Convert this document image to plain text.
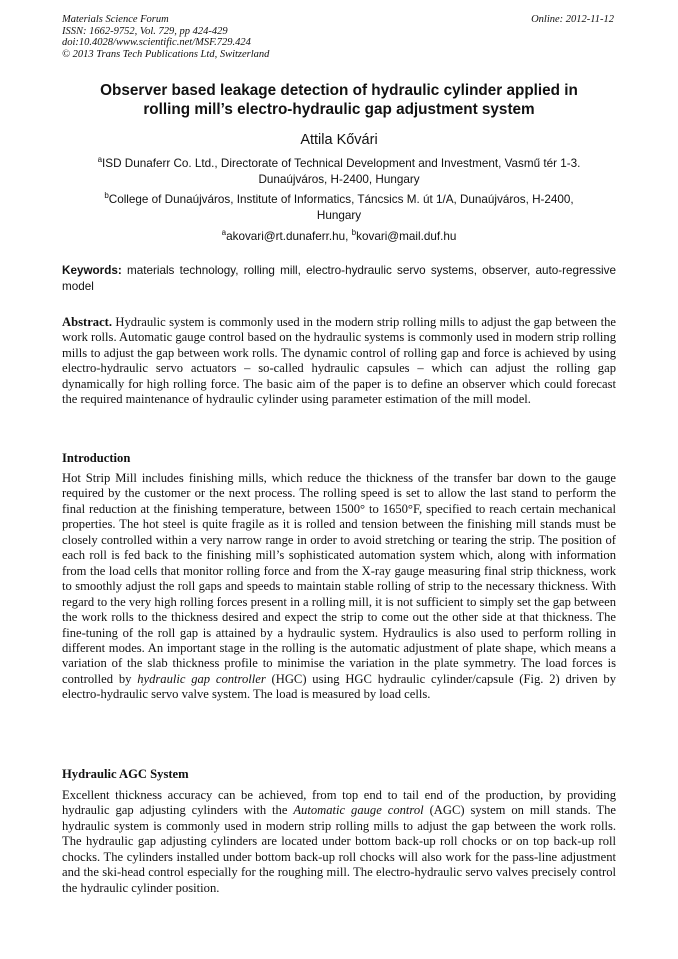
Materials Science Forum
ISSN: 1662-9752, Vol. 729, pp 424-429
doi:10.4028/www.scientific.net/MSF.729.424
© 2013 Trans Tech Publications Ltd, Switzerland
Online: 2012-11-12
Observer based leakage detection of hydraulic cylinder applied in
rolling mill’s electro-hydraulic gap adjustment system
Attila Kővári
$^a$ISD Dunaferr Co. Ltd., Directorate of Technical Development and Investment, Vasmű tér 1-3.
Dunaújváros, H-2400, Hungary
$^b$College of Dunaújváros, Institute of Informatics, Táncsics M. út 1/A, Dunaújváros, H-2400,
Hungary
$^a$akovari@rt.dunaferr.hu, $^b$kovari@mail.duf.hu
Keywords: materials technology, rolling mill, electro-hydraulic servo systems, observer, auto-regressive model

Abstract. Hydraulic system is commonly used in the modern strip rolling mills to adjust the gap between the work rolls. Automatic gauge control based on the hydraulic systems is commonly used in modern strip rolling mills to adjust the gap between work rolls. The dynamic control of rolling gap and force is achieved by using electro-hydraulic servo actuators – so-called hydraulic capsules – which can adjust the rolling gap dynamically for high rolling force. The basic aim of the paper is to define an observer which could forecast the required maintenance of hydraulic cylinder using parameter estimation of the mill model.

Introduction

Hot Strip Mill includes finishing mills, which reduce the thickness of the transfer bar down to the gauge required by the customer or the next process. The rolling speed is set to allow the last stand to perform the final reduction at the finishing temperature, between 1500° to 1650°F, specified to reach certain mechanical properties. The hot steel is quite fragile as it is rolled and tension between the finishing mill stands must be closely controlled within a very narrow range in order to avoid stretching or tearing the strip. The position of each roll is fed back to the finishing mill’s sophisticated automation system which, along with information from the load cells that monitor rolling force and from the X-ray gauge measuring final strip thickness, work to smoothly adjust the roll gaps and speeds to maintain stable rolling of strip to the necessary thickness. With regard to the very high rolling forces present in a rolling mill, it is not sufficient to simply set the gap between the work rolls to the thickness desired and expect the strip to come out the other side at that thickness. The fine-tuning of the roll gap is attained by a hydraulic system. Hydraulics is also used to perform rolling in different modes. An important stage in the rolling is the automatic adjustment of plate shape, which means a variation of the slab thickness profile to minimise the variation in the plate symmetry. The load forces is controlled by hydraulic gap controller (HGC) using HGC hydraulic cylinder/capsule (Fig. 2) driven by electro-hydraulic servo valve system. The load is measured by load cells.

Hydraulic AGC System

Excellent thickness accuracy can be achieved, from top end to tail end of the production, by providing hydraulic gap adjusting cylinders with the Automatic gauge control (AGC) system on mill stands. The hydraulic system is commonly used in modern strip rolling mills to adjust the gap between the work rolls. The hydraulic gap adjusting cylinders are located under bottom back-up roll chocks or on top back-up roll chocks. The cylinders installed under bottom back-up roll chocks will also work for the pass-line adjustment and the ski-head control especially for the roughing mill. The electro-hydraulic servo valves precisely control the hydraulic cylinder position.
